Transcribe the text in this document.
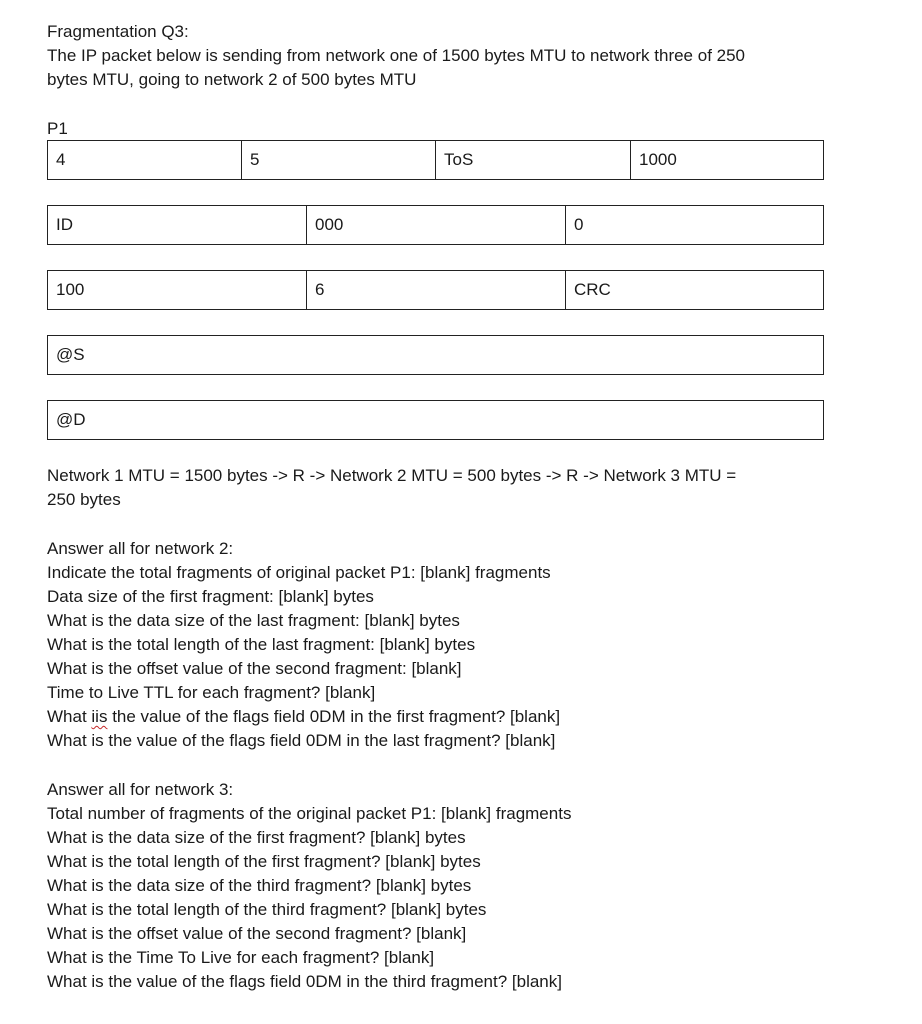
Fragmentation Q3:
The IP packet below is sending from network one of 1500 bytes MTU to network three of 250
bytes MTU, going to network 2 of 500 bytes MTU
P1
4	5	ToS	1000
ID	000	0
100	6	CRC
@S
@D
Network 1 MTU = 1500 bytes -> R -> Network 2 MTU = 500 bytes -> R -> Network 3 MTU =
250 bytes
Answer all for network 2:
Indicate the total fragments of original packet P1: [blank] fragments
Data size of the first fragment: [blank] bytes
What is the data size of the last fragment: [blank] bytes
What is the total length of the last fragment: [blank] bytes
What is the offset value of the second fragment: [blank]
Time to Live TTL for each fragment? [blank]
What iis the value of the flags field 0DM in the first fragment? [blank]
What is the value of the flags field 0DM in the last fragment? [blank]
Answer all for network 3:
Total number of fragments of the original packet P1: [blank] fragments
What is the data size of the first fragment? [blank] bytes
What is the total length of the first fragment? [blank] bytes
What is the data size of the third fragment? [blank] bytes
What is the total length of the third fragment? [blank] bytes
What is the offset value of the second fragment? [blank]
What is the Time To Live for each fragment? [blank]
What is the value of the flags field 0DM in the third fragment? [blank]
